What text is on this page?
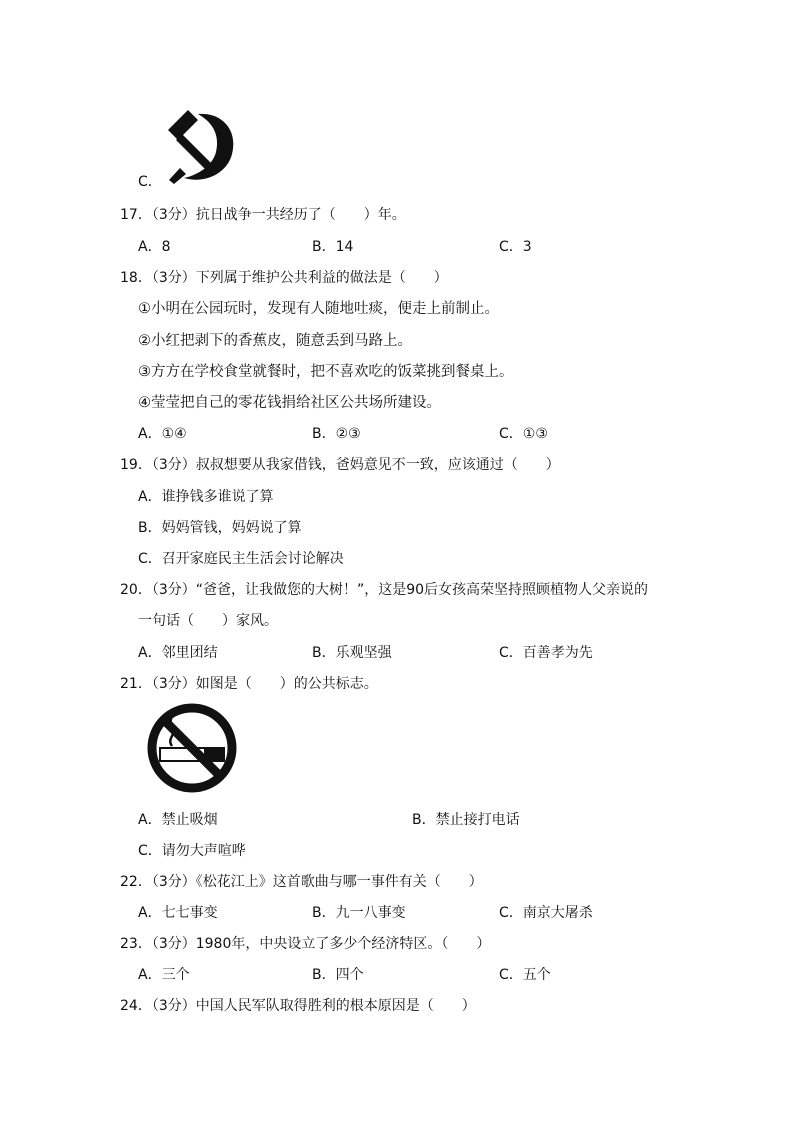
C．
17．（3分）抗日战争一共经历了（　　）年。
A．8	B．14	C．3
18．（3分）下列属于维护公共利益的做法是（　　）
①小明在公园玩时，发现有人随地吐痰，便走上前制止。
②小红把剥下的香蕉皮，随意丢到马路上。
③方方在学校食堂就餐时，把不喜欢吃的饭菜挑到餐桌上。
④莹莹把自己的零花钱捐给社区公共场所建设。
A．①④	B．②③	C．①③
19．（3分）叔叔想要从我家借钱，爸妈意见不一致，应该通过（　　）
A．谁挣钱多谁说了算
B．妈妈管钱，妈妈说了算
C．召开家庭民主生活会讨论解决
20．（3分）“爸爸，让我做您的大树！”，这是90后女孩高荣坚持照顾植物人父亲说的
一句话（　　）家风。
A．邻里团结	B．乐观坚强	C．百善孝为先
21．（3分）如图是（　　）的公共标志。
A．禁止吸烟	B．禁止接打电话
C．请勿大声喧哗
22．（3分）《松花江上》这首歌曲与哪一事件有关（　　）
A．七七事变	B．九一八事变	C．南京大屠杀
23．（3分）1980年，中央设立了多少个经济特区。（　　）
A．三个	B．四个	C．五个
24．（3分）中国人民军队取得胜利的根本原因是（　　）
